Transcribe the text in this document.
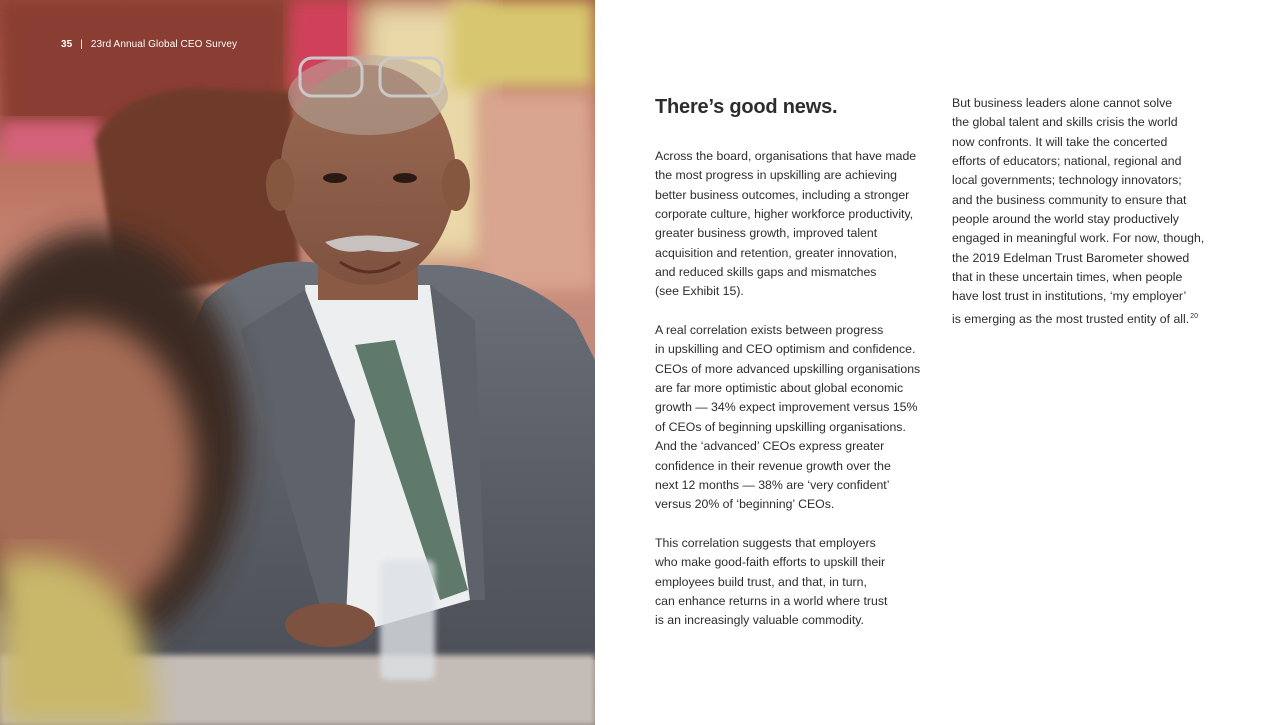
35 | 23rd Annual Global CEO Survey
There’s good news.

Across the board, organisations that have made
the most progress in upskilling are achieving
better business outcomes, including a stronger
corporate culture, higher workforce productivity,
greater business growth, improved talent
acquisition and retention, greater innovation,
and reduced skills gaps and mismatches
(see Exhibit 15).

A real correlation exists between progress
in upskilling and CEO optimism and confidence.
CEOs of more advanced upskilling organisations
are far more optimistic about global economic
growth — 34% expect improvement versus 15%
of CEOs of beginning upskilling organisations.
And the ‘advanced’ CEOs express greater
confidence in their revenue growth over the
next 12 months — 38% are ‘very confident’
versus 20% of ‘beginning’ CEOs.

This correlation suggests that employers
who make good-faith efforts to upskill their
employees build trust, and that, in turn,
can enhance returns in a world where trust
is an increasingly valuable commodity.

But business leaders alone cannot solve
the global talent and skills crisis the world
now confronts. It will take the concerted
efforts of educators; national, regional and
local governments; technology innovators;
and the business community to ensure that
people around the world stay productively
engaged in meaningful work. For now, though,
the 2019 Edelman Trust Barometer showed
that in these uncertain times, when people
have lost trust in institutions, ‘my employer’
is emerging as the most trusted entity of all.$^{20}$
